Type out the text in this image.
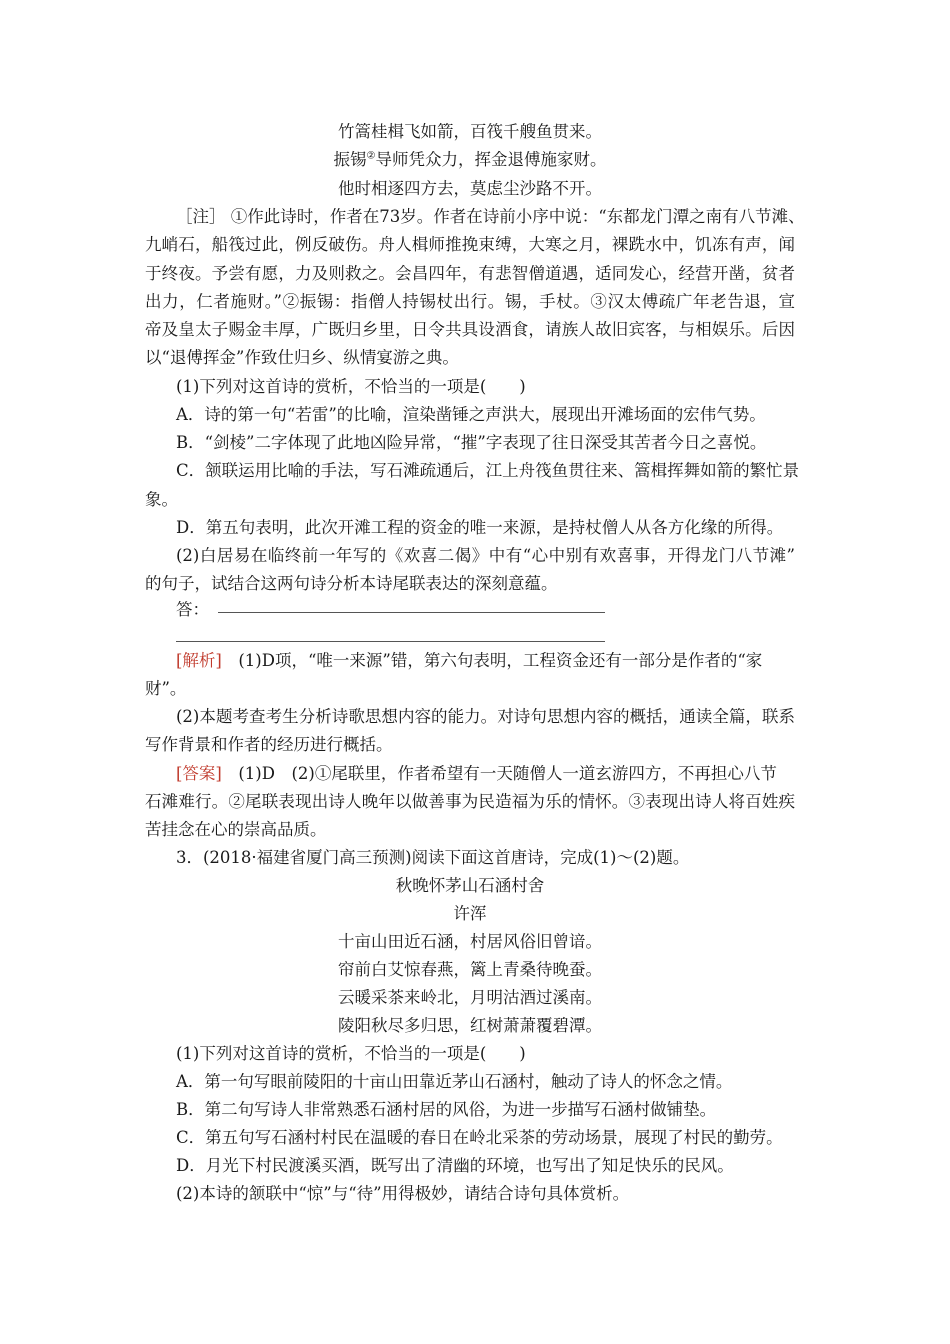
竹篙桂楫飞如箭，百筏千艘鱼贯来。
振锡②导师凭众力，挥金退傅施家财。
他时相逐四方去，莫虑尘沙路不开。
［注］ ①作此诗时，作者在73岁。作者在诗前小序中说：“东都龙门潭之南有八节滩、
九峭石，船筏过此，例反破伤。舟人楫师推挽束缚，大寒之月，裸跣水中，饥冻有声，闻
于终夜。予尝有愿，力及则救之。会昌四年，有悲智僧道遇，适同发心，经营开凿，贫者
出力，仁者施财。”②振锡：指僧人持锡杖出行。锡，手杖。③汉太傅疏广年老告退，宣
帝及皇太子赐金丰厚，广既归乡里，日令共具设酒食，请族人故旧宾客，与相娱乐。后因
以“退傅挥金”作致仕归乡、纵情宴游之典。
(1)下列对这首诗的赏析，不恰当的一项是(　　)
A．诗的第一句“若雷”的比喻，渲染凿锤之声洪大，展现出开滩场面的宏伟气势。
B．“剑棱”二字体现了此地凶险异常，“摧”字表现了往日深受其苦者今日之喜悦。
C．颔联运用比喻的手法，写石滩疏通后，江上舟筏鱼贯往来、篙楫挥舞如箭的繁忙景
象。
D．第五句表明，此次开滩工程的资金的唯一来源，是持杖僧人从各方化缘的所得。
(2)白居易在临终前一年写的《欢喜二偈》中有“心中别有欢喜事，开得龙门八节滩”
的句子，试结合这两句诗分析本诗尾联表达的深刻意蕴。
答：
[解析]　(1)D项，“唯一来源”错，第六句表明，工程资金还有一部分是作者的“家
财”。
(2)本题考查考生分析诗歌思想内容的能力。对诗句思想内容的概括，通读全篇，联系
写作背景和作者的经历进行概括。
[答案]　(1)D　(2)①尾联里，作者希望有一天随僧人一道玄游四方，不再担心八节
石滩难行。②尾联表现出诗人晚年以做善事为民造福为乐的情怀。③表现出诗人将百姓疾
苦挂念在心的崇高品质。
3．(2018·福建省厦门高三预测)阅读下面这首唐诗，完成(1)～(2)题。
秋晚怀茅山石涵村舍
许浑
十亩山田近石涵，村居风俗旧曾谙。
帘前白艾惊春燕，篱上青桑待晚蚕。
云暖采茶来岭北，月明沽酒过溪南。
陵阳秋尽多归思，红树萧萧覆碧潭。
(1)下列对这首诗的赏析，不恰当的一项是(　　)
A．第一句写眼前陵阳的十亩山田靠近茅山石涵村，触动了诗人的怀念之情。
B．第二句写诗人非常熟悉石涵村居的风俗，为进一步描写石涵村做铺垫。
C．第五句写石涵村村民在温暖的春日在岭北采茶的劳动场景，展现了村民的勤劳。
D．月光下村民渡溪买酒，既写出了清幽的环境，也写出了知足快乐的民风。
(2)本诗的颔联中“惊”与“待”用得极妙，请结合诗句具体赏析。
